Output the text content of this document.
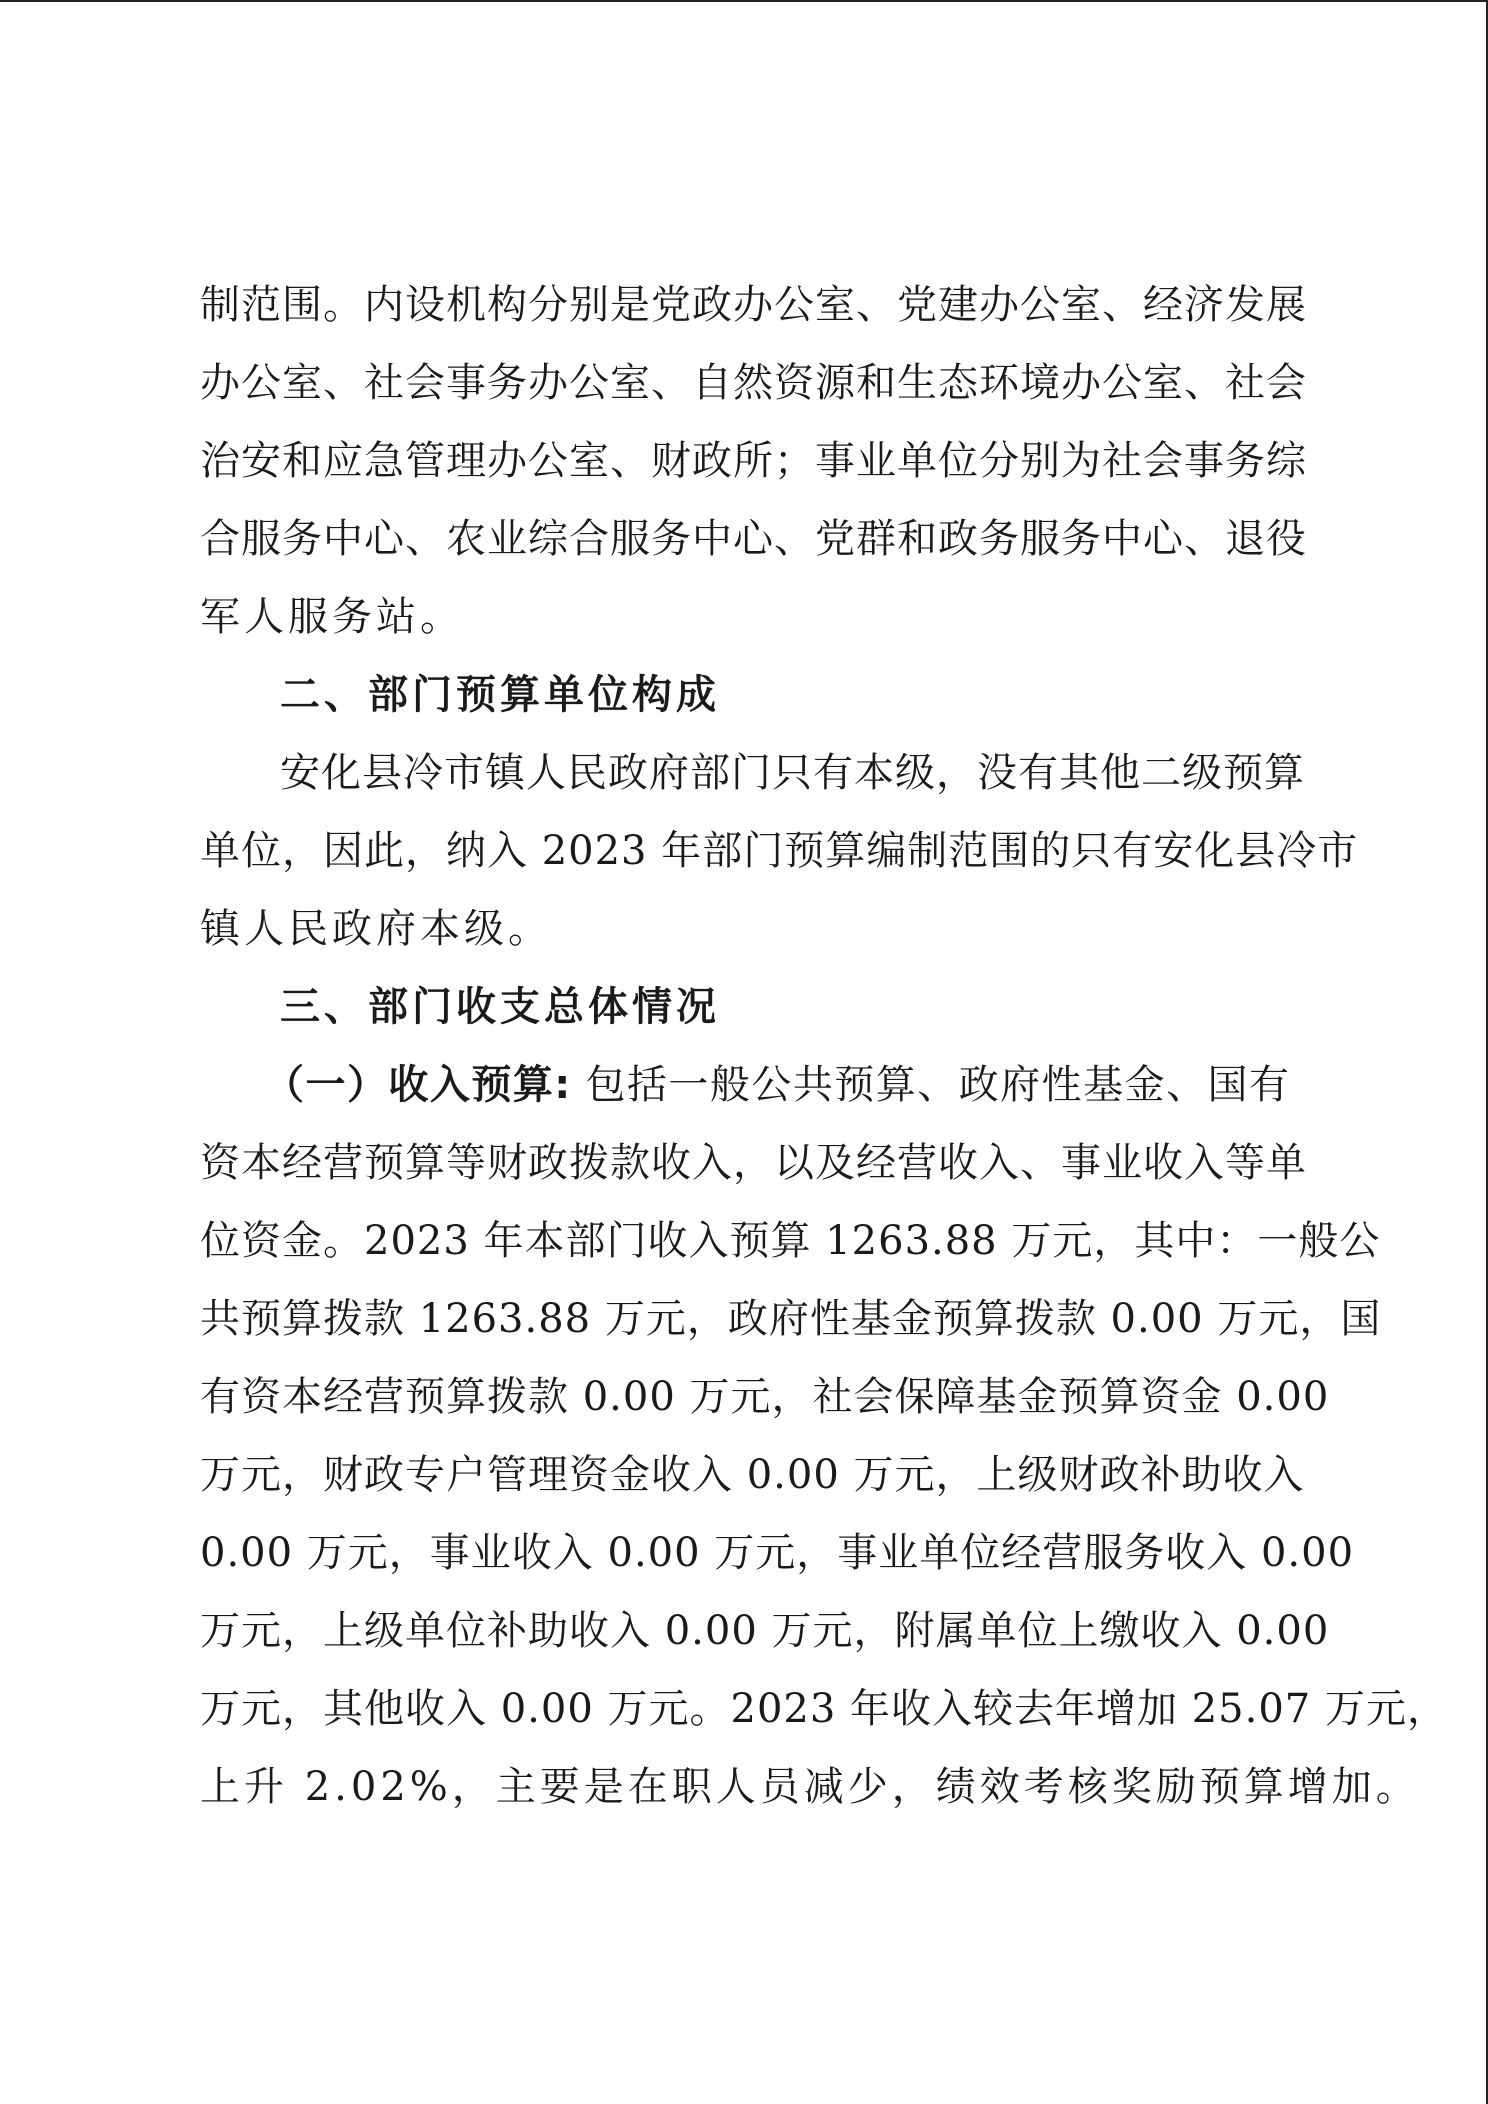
制范围。内设机构分别是党政办公室、党建办公室、经济发展
办公室、社会事务办公室、自然资源和生态环境办公室、社会
治安和应急管理办公室、财政所；事业单位分别为社会事务综
合服务中心、农业综合服务中心、党群和政务服务中心、退役
军人服务站。
二、部门预算单位构成
安化县冷市镇人民政府部门只有本级，没有其他二级预算
单位，因此，纳入 2023 年部门预算编制范围的只有安化县冷市
镇人民政府本级。
三、部门收支总体情况
（一）收入预算: 包括一般公共预算、政府性基金、国有
资本经营预算等财政拨款收入，以及经营收入、事业收入等单
位资金。2023 年本部门收入预算 1263.88 万元，其中：一般公
共预算拨款 1263.88 万元，政府性基金预算拨款 0.00 万元，国
有资本经营预算拨款 0.00 万元，社会保障基金预算资金 0.00
万元，财政专户管理资金收入 0.00 万元，上级财政补助收入
0.00 万元，事业收入 0.00 万元，事业单位经营服务收入 0.00
万元，上级单位补助收入 0.00 万元，附属单位上缴收入 0.00
万元，其他收入 0.00 万元。2023 年收入较去年增加 25.07 万元，
上升 2.02%，主要是在职人员减少，绩效考核奖励预算增加。
